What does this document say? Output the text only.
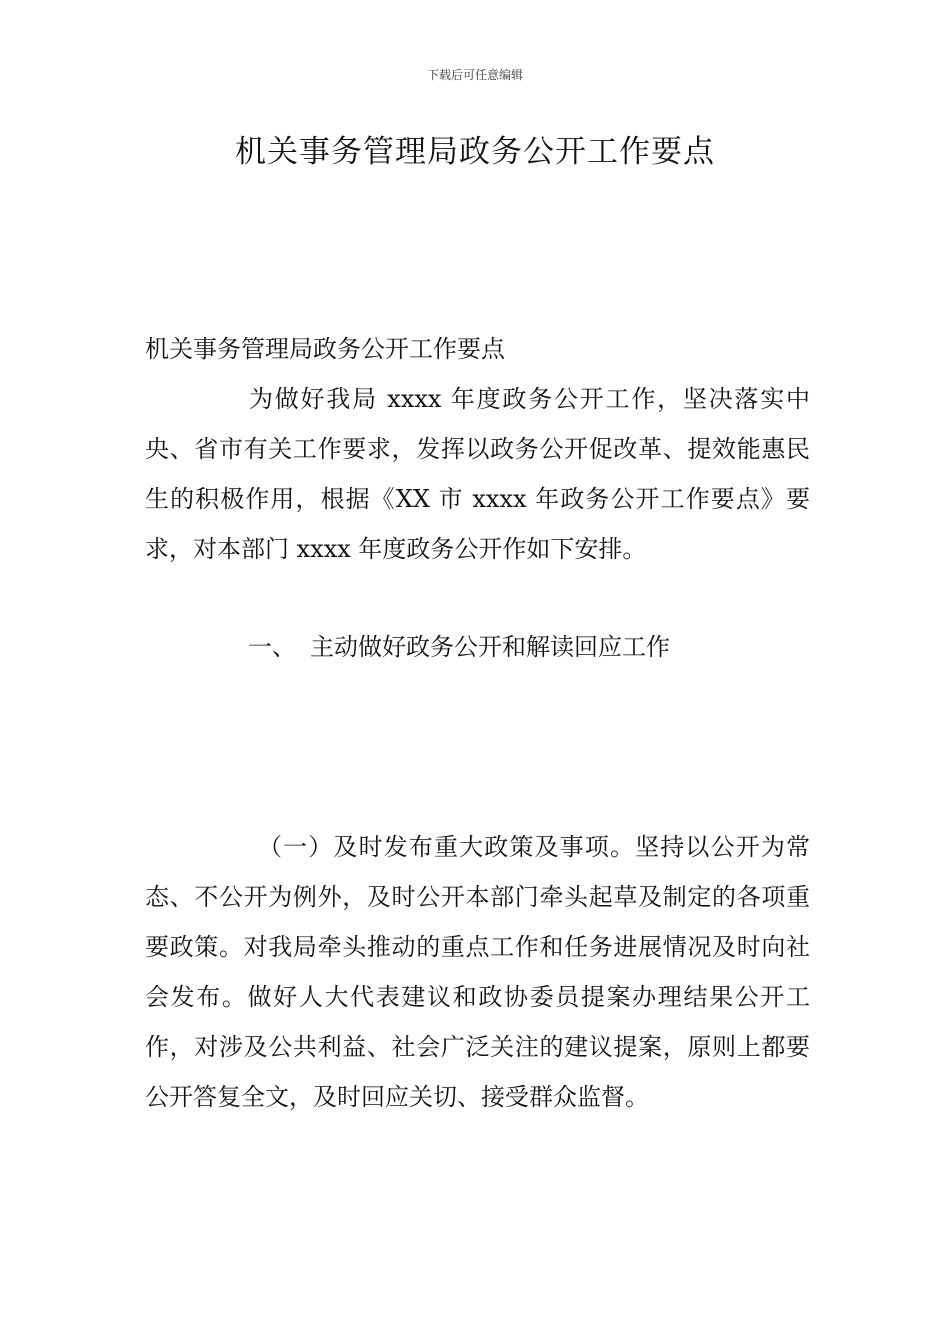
下载后可任意编辑
机关事务管理局政务公开工作要点

机关事务管理局政务公开工作要点

为做好我局 xxxx 年度政务公开工作，坚决落实中央、省市有关工作要求，发挥以政务公开促改革、提效能惠民生的积极作用，根据《XX 市 xxxx 年政务公开工作要点》要求，对本部门 xxxx 年度政务公开作如下安排。

一、 主动做好政务公开和解读回应工作

（一）及时发布重大政策及事项。坚持以公开为常态、不公开为例外，及时公开本部门牵头起草及制定的各项重要政策。对我局牵头推动的重点工作和任务进展情况及时向社会发布。做好人大代表建议和政协委员提案办理结果公开工作，对涉及公共利益、社会广泛关注的建议提案，原则上都要公开答复全文，及时回应关切、接受群众监督。
